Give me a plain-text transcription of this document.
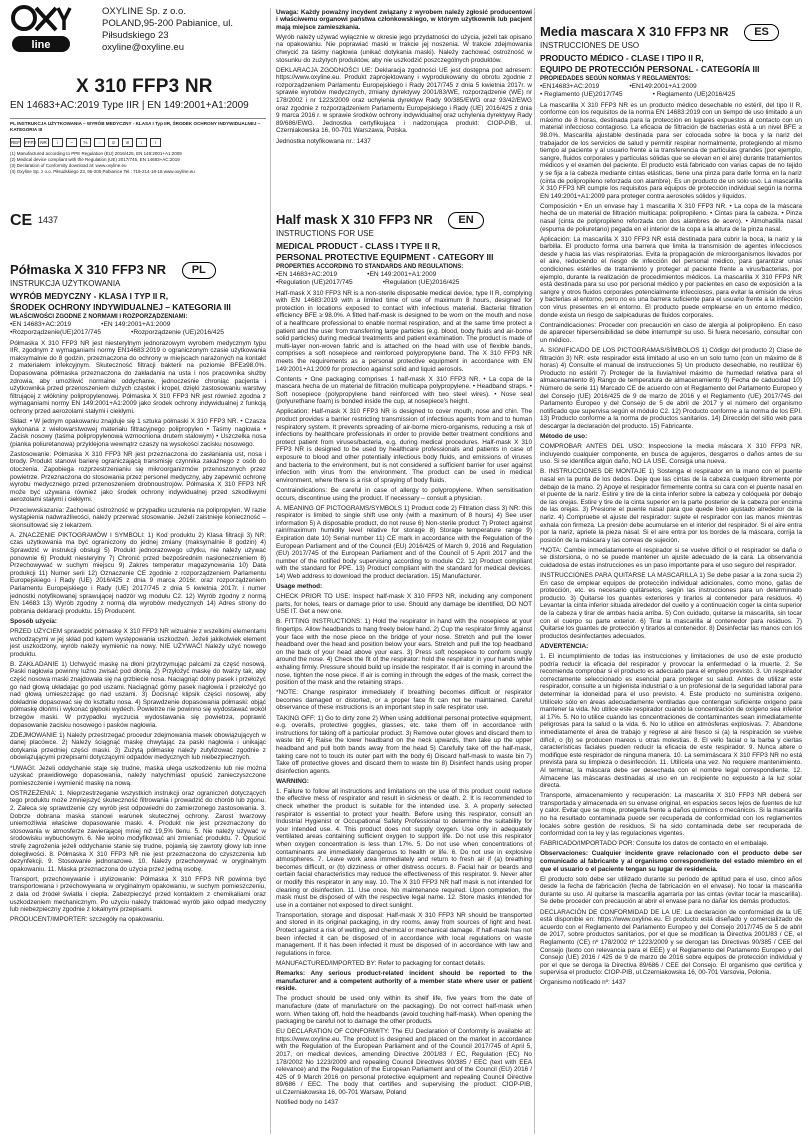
line
OXYLINE Sp. z o.o.
POLAND,95-200 Pabianice, ul. Piłsudskiego 23
oxyline@oxyline.eu
X 310 FFP3 NR
EN 14683+AC:2019 Type IIR | EN 149:2001+A1:2009
PL INSTRUKCJA UŻYTKOWANIA – WYRÓB MEDYCZNY - KLASA I Typ IIR, ŚRODEK OCHRONY INDYWIDUALNEJ – KATEGORIA III
REF FFP3 NR	i	~	%	◌	⊙	⊘	↕	!
(1) Manufactured according to PPE Regulation (EU) 2016/425, EN 149:2001+A1:2009
(2) Medical device compliant with the Regulation (UE) 2017/745, EN 14683+AC:2019
(3) Declaration of Conformity download at: www.oxyline.eu
(4) Oxyline Sp. z o.o. Piłsudskiego 23, 95-200 Pabianice Tel.: 719-214-18-18 www.oxyline.eu
CE 1437
Półmaska X 310 FFP3 NR PL
INSTRUKCJA UŻYTKOWANIA
WYRÓB MEDYCZNY - KLASA I TYP II R,
ŚRODEK OCHRONY INDYWIDUALNEJ – KATEGORIA III
WŁAŚCIWOŚCI ZGODNE Z NORMAMI I ROZPORZĄDZENIAMI:
•EN 14683+AC:2019	•EN 149:2001+A1:2009
•Rozporządzenie(UE)2017/745	•Rozporządzenie (UE)2016/425

Półmaska X 310 FFP3 NR jest niesterylnym jednorazowym wyrobem medycznym typu IIR, zgodnym z wymaganiami normy EN14683:2019 o ograniczonym czasie użytkowania maksymalnie do 8 godzin, przeznaczona do ochrony w miejscach narażonych na kontakt z materiałem infekcyjnym. Skuteczność filtracji bakterii na poziomie BFE≥98.0%. Dopasowana półmaska przeznaczona do zakładania na usta i nos pracownika służby zdrowia, aby umożliwić normalne oddychanie, jednocześnie chroniąc pacjenta i użytkownika przed przenoszeniem dużych cząstek i kropel, dzięki zastosowaniu warstwy filtrującej z włókniny polipropylenowej. Półmaska X 310 FFP3 NR jest również zgodna z wymaganiami normy EN 149:2001+A1:2009 jako środek ochrony indywidualnej z funkcją ochrony przed aerozolami stałymi i ciekłymi.

Skład: • W jednym opakowaniu znajduje się 1 sztuka półmaski X 310 FFP3 NR. • Czasza wykonana z wielowarstwowej materiału filtracyjnego polipropylen • Taśmy nagłowia • Zacisk nosowy (taśma polipropylenowa wzmocniona drutem stalowym) • Uszczelka nosa (pianka poliuretanowa) przyklejona wewnątrz czaszy na wysokości zacisku nosowego.

Zastosowanie: Półmaska X 310 FFP3 NR jest przeznaczona do zasłaniania ust, nosa i brody. Produkt stanowi barierę ograniczającą transmisję czynnika zakaźnego z osób do otoczenia. Zapobiega rozprzestrzenianiu się mikroorganizmów przenoszonych przez powietrze. Przeznaczona do stosowania przez personel medyczny, aby zapewnić ochronę wyrobu medycznego przed przenoszeniem drobnoustrojów. Półmaska X 310 FFP3 NR może być używana również jako środek ochrony indywidualnej przed szkodliwymi aerozolami stałymi i ciekłymi.

Przeciwwskazania: Zachować ostrożność w przypadku uczulenia na polipropylen. W razie wystąpienia nadwrażliwości, należy przerwać stosowanie. Jeżeli zaistnieje konieczność – skonsultować się z lekarzem.

A. ZNACZENIE PIKTOGRAMÓW I SYMBOLI: 1) Kod produktu 2) Klasa filtracji 3) NR: czas użytkowania ma być ograniczony do jednej zmiany (maksymalnie 8 godzin) 4) Sprawdzić w instrukcji obsługi 5) Produkt jednorazowego użytku, nie należy używać ponownie 6) Produkt niesterylny 7) Chronić przed bezpośrednim nasłonecznieniem 8) Przechowywać w suchym miejscu 9) Zakres temperatur magazynowania 10) Data produkcji 11) Numer serii 12) Oznaczenie CE zgodnie z rozporządzeniem Parlamentu Europejskiego i Rady (UE) 2016/425 z dnia 9 marca 2016r. oraz rozporządzeniem Parlamentu Europejskiego i Rady (UE) 2017/745 z dnia 5 kwietnia 2017r. i numer jednostki notyfikowanej sprawującej nadzór wg modułu C2. 12) Wyrób zgodny z normą EN 14683 13) Wyrób zgodny z normą dla wyrobów medycznych 14) Adres strony do pobrania deklaracji produktu. 15) Producent.

Sposób użycia:

PRZED UŻYCIEM sprawdzić półmaskę X 310 FFP3 NR wizualnie z wszelkimi elementami wchodzącymi w jej skład pod kątem występowania uszkodzeń. Jeżeli jakikolwiek element jest uszkodzony, wyrób należy wymienić na nowy. NIE UŻYWAĆ! Należy użyć nowego produktu.

B. ZAKŁADANIE 1) Uchwycić maskę na dłoni przytrzymując palcami za część nosową. Paski nagłowia powinny luźno zwisać pod dłonią. 2) Przyłożyć maskę do twarzy tak, aby część nosowa maski znajdowała się na grzbiecie nosa. Naciągnąć dolny pasek i przełożyć go nad głową układając go pod uszami. Naciągnąć górny pasek nagłowia i przełożyć go nad głową umieszczając go nad uszami. 3) Docisnąć klipsik części nosowej, aby dokładnie dopasować się do kształtu nosa. 4) Sprawdzenie dopasowania półmaski: objąć półmaskę dłońmi i wykonać głęboki wydech. Powietrze nie powinno się wydostawać wokół brzegów maski. W przypadku wyczucia wydostawania się powietrza, poprawić dopasowanie zacisku nosowego i pasków nagłowia.

ZDEJMOWANIE 1) Należy przestrzegać procedur zdejmowania masek obowiązujących w danej placówce. 2) Należy ściągnąć maskę chwytając za paski nagłowia i unikając dotykania przedniej części maski. 3) Zużytą półmaskę należy zutylizować zgodnie z obowiązującymi przepisami dotyczącymi odpadów medycznych lub niebezpiecznych.

*UWAGI: Jeżeli oddychanie staje się trudne, maska ulega uszkodzeniu lub nie można uzyskać prawidłowego dopasowania, należy natychmiast opuścić zanieczyszczone pomieszczenie i wymienić maskę na nową.

OSTRZEŻENIA: 1. Nieprzestrzeganie wszystkich instrukcji oraz ograniczeń dotyczących tego produktu może zmniejszyć skuteczność filtrowania i prowadzić do chorób lub zgonu. 2. Zaleca się sprawdzenie czy wyrób jest odpowiedni do zamierzonego zastosowania. 3. Dobrze dobrana maska stanowi warunek skutecznej ochrony. Zarost twarzowy uniemożliwia właściwe dopasowanie maski. 4. Produkt nie jest przeznaczony do stosowania w atmosferze zawierającej mniej niż 19,5% tlenu. 5. Nie należy używać w środowisku wybuchowym. 6. Nie wolno modyfikować ani zmieniać produktu. 7. Opuścić strefę zagrożenia jeżeli oddychanie stanie się trudne, pojawią się zawroty głowy lub inne dolegliwości. 8. Półmaska X 310 FFP3 NR nie jest przeznaczona do czyszczenia lub dezynfekcji. 9. Stosowanie jednorazowe. 10. Należy przechowywać w oryginalnym opakowaniu. 11. Maska przeznaczona do użycia przez jedną osobę.

Transport, przechowywanie i utylizowanie: Półmaska X 310 FFP3 NR powinna być transportowana i przechowywana w oryginalnym opakowaniu, w suchym pomieszczeniu, z dala od źródeł światła i ciepła. Zabezpieczyć przed kontaktem z chemikaliami oraz uszkodzeniem mechanicznym. Po użyciu należy traktować wyrób jako odpad medyczny lub niebezpieczny zgodnie z lokalnymi przepisami.

PRODUCENT/IMPORTER: szczegóły na opakowaniu.

Uwaga: Każdy poważny incydent związany z wyrobem należy zgłosić producentowi i właściwemu organowi państwa członkowskiego, w którym użytkownik lub pacjent mają miejsce zamieszkania.

Wyrób należy używać wyłącznie w okresie jego przydatności do użycia, jeżeli tak opisano na opakowaniu. Nie poprawiać maski w trakcie jej noszenia. W trakcie zdejmowania chwycić za taśmy nagłowia (unikać dotykania maski). Należy zachować ostrożność w stosunku do zużytych produktów, aby nie uszkodzić poszczególnych produktów.

DEKLARACJA ZGODNOŚCI UE: Deklaracja zgodności UE jest dostępna pod adresem: https://www.oxyline.eu. Produkt zaprojektowany i wyprodukowany do obrotu zgodnie z rozporządzeniem Parlamentu Europejskiego i Rady 2017/745 z dnia 5 kwietnia 2017r. w sprawie wyrobów medycznych, zmiany dyrektywy 2001/83/WE, rozporządzenie (WE) nr 178/2002 i nr 1223/2009 oraz uchylenia dyrektyw Rady 90/385/EWG oraz 93/42/EWG oraz zgodnie z rozporządzeniem Parlamentu Europejskiego i Rady (UE) 2016/425 z dnia 9 marca 2016 r. w sprawie środków ochrony indywidualnej oraz uchylenia dyrektywy Rady 89/686/EWG. Jednostka certyfikująca i nadzorująca produkt: CIOP-PIB, ul. Czerniakowska 16, 00-701 Warszawa, Polska.

Jednostka notyfikowana nr.: 1437

Half mask X 310 FFP3 NR EN
INSTRUCTIONS FOR USE
MEDICAL PRODUCT - CLASS I TYPE II R,
PERSONAL PROTECTIVE EQUIPMENT - CATEGORY III
PROPERTIES ACCORDING TO STANDARDS AND REGULATIONS:
•EN 14683+AC:2019	•EN 149:2001+A1:2009
•Regulation (UE)2017/745	•Regulation (UE)2016/425

Half-mask X 310 FFP3 NR is a non-sterile disposable medical device, type II R, complying with EN 14683:2019 with a limited time of use of maximum 8 hours, designed for protection in locations exposed to contact with infectious material. Bacterial filtration efficiency BFE ≥ 98.0%. A fitted half-mask is designed to be worn on the mouth and nose of a healthcare professional to enable normal respiration, and at the same time protect a patient and the user from transferring large particles (e.g. blood, body fluids and air-borne solid particles) during medical treatments and patient examination. The product is made of multi-layer non-woven fabric and is attached on the head with use of flexible bands, comprises a soft nosepiece and reinforced polypropylene band. The X 310 FFP3 NR meets the requirements as a personal protective equipment in accordance with EN 149:2001+A1:2009 for protection against solid and liquid aerosols.

Contents • One packaging comprises 1 half-mask X 310 FFP3 NR. • La copa de la mascara hecha de un material de filtración multicapa polypropylene. • Headband straps. • Soft nosepiece (polypropylene band reinforced with two steel wires). • Nose seal (polyurethane foam) is bonded inside the cup, at nosepiece's height.

Application: Half-mask X 310 FFP3 NR is designed to cover mouth, nose and chin. The product provides a barrier restricting transmission of infectious agents from and to human respiratory system. It prevents spreading of air-borne micro-organisms, reducing a risk of infections by healthcare professionals in order to provide better treatment conditions and protect patient from viruses/bacteria, e.g. during medical procedures. Half-mask X 310 FFP3 NR is designed to be used by healthcare professionals and patients in case of exposure to blood and other potentially infectious body fluids, and emissions of viruses and bacteria to the environment, but is not considered a sufficient barrier for user against infection with virus from the environment. The product can be used in medical environment, where there is a risk of spraying of body fluids.

Contraindications: Be careful in case of allergy to polypropylene. When sensitisation occurs, discontinue using the product. If necessary – consult a physician.

A. MEANING OF PICTOGRAMS/SYMBOLS 1) Product code 2) Filtration class 3) NR: this respirator is limited to single shift use only (with a maximum of 8 hours) 4) See user information 5) A disposable product, do not reuse 6) Non-sterile product 7) Protect against rain/maximum humidity level relative for storage 8) Storage temperature range 9) Expiration date 10) Serial number 11) CE mark in accordance with the Regulation of the European Parliament and of the Council (EU) 2016/425 of March 9, 2016 and Regulation (EU) 2017/745 of the European Parliament and of the Council of 5 April 2017 and the number of the notified body supervising according to module C2. 12) Product compliant with the standard for PPE. 13) Product compliant with the standard for medical devices. 14) Web address to download the product declaration. 15) Manufacturer.

Usage method:

CHECK PRIOR TO USE: Inspect half-mask X 310 FFP3 NR, including any component parts, for holes, tears or damage prior to use. Should any damage be identified, DO NOT USE IT. Get a new one.

B. FITTING INSTRUCTIONS: 1) Hold the respirator in hand with the nosepiece at your fingertips. Allow headbands to hang freely below hand. 2) Cup the respirator firmly against your face with the nose piece on the bridge of your nose. Stretch and pull the lower headband over the head and position below your ears. Stretch and pull the top headband on the back of your head above your ears. 3) Press soft nosepiece to conform snugly around the nose. 4) Check the fit of the respirator: hold the respirator in your hands while exhaling firmly. Pressure should build up inside the respirator. If air is coming in around the nose, tighten the nose piece. If air is coming in through the edges of the mask, correct the position of the mask and the retaining straps.

*NOTE: Change respirator immediately if breathing becomes difficult or respirator becomes damaged or distorted, or a proper face fit can not be maintained. Careful observance of these instructions is an important step in safe respirator use.

TAKING OFF: 1) Go to dirty zone 2) When using additional personal protective equipment, e.g. overalls, protective goggles, glasses, etc. take them off in accordance with instructions for taking off a particular product. 3) Remove outer gloves and discard them to waste bin 4) Raise the lower headband on the neck upwards, then take up the upper headband and pull both bands away from the head 5) Carefully take off the half-mask, taking care not to touch its outer part with the body 6) Discard half-mask to waste bin 7) Take off protective gloves and discard them to waste bin 8) Disinfect hands using proper disinfection agents.

WARNING:

1. Failure to follow all instructions and limitations on the use of this product could reduce the effective mess of respirator and result in sickness or death. 2. It is recommended to check whether the product is suitable for the intended use. 3. A properly selected respirator is essential to protect your health. Before using this respirator, consult an Industrial Hygienist or Occupational Safety Professional to determine the suitability for your intended use. 4. This product does not supply oxygen. Use only in adequately ventilated areas containing sufficient oxygen to support life. Do not use this respirator when oxygen concentration is less than 17%. 5. Do not use when concentrations of contaminants are immediately dangerous to health or life. 6. Do not use in explosive atmospheres. 7. Leave work area immediately and return to fresh air if (a) breathing becomes difficult, or (b) dizziness or other distress occurs. 8. Facial hair or beards and certain facial characteristics may reduce the effectiveness of this respirator. 9. Never alter or modify this respirator in any way. 10. The X 310 FFP3 NR half mask is not intended for cleaning or disinfection. 11. Use once. No maintenance required. Upon completion, the mask must be disposed of with the respective legal name. 12. Store masks intended for use in a container not exposed to direct sunlight.

Transportation, storage and disposal: Half-mask X 310 FFP3 NR should be transported and stored in its original packaging, in dry rooms, away from sources of light and heat. Protect against a risk of wetting, and chemical or mechanical damage. If half-mask has not been infected it can be disposed of in accordance with local regulations on waste management. If it has been infected it must be disposed of in accordance with law and regulations in force.

MANUFACTURED/IMPORTED BY: Refer to packaging for contact details.

Remarks: Any serious product-related incident should be reported to the manufacturer and a competent authority of a member state where user or patient reside.

The product should be used only within its shelf life, five years from the date of manufacture (date of manufacture on the packaging). Do not correct half-mask when worn. When taking off, hold the headbands (avoid touching half-mask). When opening the packaging be careful not to damage the other products.

EU DECLARATION OF CONFORMITY: The EU Declaration of Conformity is available at: https://www.oxyline.eu. The product is designed and placed on the market in accordance with the Regulation of the European Parliament and of the Council 2017/745 of April 5, 2017, on medical devices, amending Directive 2001/83 / EC, Regulation (EC) No 178/2002 No 1223/2009 and repealing Council Directives 90/385 / EEC (text with EEA relevance) and the Regulation of the European Parliament and of the Council (EU) 2016 / 425 of 9 March 2016 on personal protective equipment and repealing Council Directive 89/686 / EEC. The body that certifies and supervising the product: CIOP-PIB, ul.Czerniakowska 16, 00-701 Warsaw, Poland

Notified body no 1437

Media mascara X 310 FFP3 NR ES
INSTRUCCIONES DE USO
PRODUCTO MÉDICO - CLASE I TIPO II R,
EQUIPO DE PROTECCIÓN PERSONAL - CATEGORÍA III
PROPIEDADES SEGÚN NORMAS Y REGLAMENTOS:
•EN14683+AC:2019	•EN149:2001+A1:2009
• Reglamento (UE)2017/745	• Reglamento (UE)2016/425

La mascarilla X 310 FFP3 NR es un producto médico desechable no estéril, del tipo II R, conforme con los requisitos de la norma EN 14683:2019 con un tiempo de uso limitado a un máximo de 8 horas, destinada para la protección en lugares expuestos al contacto con un material infeccioso contagioso. La eficacia de filtración de bacterias está a un nivel BFE ≥ 98.0%. Mascarilla ajustable destinada para ser colocada sobre la boca y la nariz del trabajador de los servicios de salud y permitir respirar normalmente, protegiendo al mismo tiempo al paciente y al usuario frente a la transferencia de partículas grandes (por ejemplo, sangre, fluidos corporales y partículas sólidas que se elevan en el aire) durante tratamientos médicos y el examen del paciente. El producto está fabricado con varias capas de no tejido y se fija a la cabeza mediante cintas elásticas, tiene una pinza para darle forma en la nariz (cinta de polipropileno reforzada con alambre). Es un producto de un solo uso. La mascarilla X 310 FFP3 NR cumple los requisitos para equipos de protección individual según la norma EN 149:2001+A1:2009 para proteger contra aerosoles sólidos y líquidos.

Composición • En un envase hay 1 mascarilla X 310 FFP3 NR. • La copa de la máscara hecha de un material de filtración multicapa: polipropileno. • Cintas para la cabeza. • Pinza nasal (cinta de polipropileno reforzada con dos alambres de acero). • Almohadilla nasal (espuma de poliuretano) pegada en el interior de la copa a la altura de la pinza nasal.

Aplicación: La mascarilla X 310 FFP3 NR está destinada para cubrir la boca, la nariz y la barbilla. El producto forma una barrera que limita la transmisión de agentes infecciosos desde y hacia las vías respiratorias. Evita la propagación de microorganismos llevados por el aire, reduciendo el riesgo de infección del personal médico, para garantizar unas condiciones estériles de tratamiento y proteger al paciente frente a virus/bacterias, por ejemplo, durante la realización de procedimientos médicos. La mascarilla X 310 FFP3 NR está destinada para su uso por personal médico y por pacientes en caso de exposición a la sangre y otros fluidos corporales potencialmente infecciosos, para evitar la emisión de virus y bacterias al entorno, pero no es una barrera suficiente para el usuario frente a la infección con virus presentes en el entorno. El producto puede emplearse en un entorno médico, donde exista un riesgo de salpicaduras de fluidos corporales.

Contraindicaciones: Proceder con precaución en caso de alergia al polipropileno. En caso de aparecer hipersensibilidad se debe interrumpir su uso. Si fuera necesario, consultar con un médico.

A. SIGNIFICADO DE LOS PICTOGRAMAS/SÍMBOLOS 1) Código del producto 2) Clase de filtración 3) NR: este respirador está limitado al uso en un solo turno (con un máximo de 8 horas) 4) Consulte el manual de instrucciones 5) Un producto desechable, no reutilizar 6) Producto no estéril 7) Proteger de la lluvia/nivel máximo de humedad relativa para el almacenamiento 8) Rango de temperatura de almacenamiento 9) Fecha de caducidad 10) Número de serie 11) Marcado CE de acuerdo con el Reglamento del Parlamento Europeo y del Consejo (UE) 2016/425 de 9 de marzo de 2016 y el Reglamento (UE) 2017/745 del Parlamento Europeo y del Consejo de 5 de abril de 2017 y el número del organismo notificado que supervisa según el módulo C2. 12) Producto conforme a la norma de los EPI. 13) Producto conforme a la norma de productos sanitarios. 14) Dirección del sitio web para descargar la declaración del producto. 15) Fabricante.

Método de uso:

COMPROBAR ANTES DEL USO: Inspeccione la media máscara X 310 FFP3 NR, incluyendo cualquier componente, en busca de agujeros, desgarros o daños antes de su uso. Si se identifica algún daño, NO LA USE. Consiga una nueva.

B. INSTRUCCIONES DE MONTAJE 1) Sostenga el respirador en la mano con el puente nasal en la punta de los dedos. Deje que las cintas de la cabeza cuelguen libremente por debajo de la mano. 2) Apoye el respirador firmemente contra su cara con el puente nasal en el puente de la nariz. Estire y tire de la cinta inferior sobre la cabeza y colóquela por debajo de las orejas. Estire y tire de la cinta superior en la parte posterior de la cabeza por encima de las orejas. 3) Presione el puente nasal para que quede bien ajustado alrededor de la nariz. 4) Compruebe el ajuste del respirador: sujete el respirador con las manos mientras exhala con firmeza. La presión debe acumularse en el interior del respirador. Si el aire entra por la nariz, apriete la pieza nasal. Si el aire entra por los bordes de la máscara, corrija la posición de la máscara y las correas de sujeción.

*NOTA: Cambie inmediatamente el respirador si se vuelve difícil o el respirador se daña o se distorsiona, o no se puede mantener un ajuste adecuado de la cara. La observancia cuidadosa de estas instrucciones es un paso importante para el uso seguro del respirador.

INSTRUCCIONES PARA QUITARSE LA MASCARILLA 1) Se debe pasar a la zona sucia 2) En caso de emplear equipos de protección individual adicionales, como mono, gafas de protección, etc. es necesario quitárselos, según las instrucciones para un determinado producto. 3) Quitarse los guantes exteriores y tirarlos al contenedor para residuos. 4) Levantar la cinta inferior situada alrededor del cuello y a continuación coger la cinta superior de la cabeza y tirar de ambas hacia arriba. 5) Con cuidado, quitarse la mascarilla, sin tocar con el cuerpo su parte exterior. 6) Tirar la mascarilla al contenedor para residuos. 7) Quitarse los guantes de protección y tirarlos al contenedor. 8) Desinfectar las manos con los productos desinfectantes adecuados.

ADVERTENCIA:

1. El incumplimiento de todas las instrucciones y limitaciones de uso de este producto podría reducir la eficacia del respirador y provocar la enfermedad o la muerte. 2. Se recomienda comprobar si el producto es adecuado para el empleo previsto. 3. Un respirador correctamente seleccionado es esencial para proteger su salud. Antes de utilizar este respirador, consulte a un higienista industrial o a un profesional de la seguridad laboral para determinar la idoneidad para el uso previsto. 4. Este producto no suministra oxígeno. Utilícelo sólo en áreas adecuadamente ventiladas que contengan suficiente oxígeno para mantener la vida. No utilice este respirador cuando la concentración de oxígeno sea inferior al 17%. 5. No lo utilice cuando las concentraciones de contaminantes sean inmediatamente peligrosas para la salud o la vida. 6. No lo utilice en atmósferas explosivas. 7. Abandone inmediatamente el área de trabajo y regrese al aire fresco si (a) la respiración se vuelve difícil, o (b) se producen mareos u otras molestias. 8. El vello facial o la barba y ciertas características faciales pueden reducir la eficacia de este respirador. 9. Nunca altere o modifique este respirador de ninguna manera. 10. La semimáscara X 310 FFP3 NR no está prevista para su limpieza o desinfección. 11. Utilícela una vez. No requiere mantenimiento. Al terminar, la máscara debe ser desechada con el nombre legal correspondiente. 12. Almacene las máscaras destinadas al uso en un recipiente no expuesto a la luz solar directa.

Transporte, almacenamiento y recuperación: La mascarilla X 310 FFP3 NR deberá ser transportada y almacenada en su envase original, en espacios secos lejos de fuentes de luz y calor. Evitar que se moje, protegerla frente a daños químicos o mecánicos. Si la mascarilla no ha resultado contaminada puede ser recuperada de conformidad con los reglamentos locales sobre gestión de residuos. Si ha sido contaminada debe ser recuperada de conformidad con la ley y las regulaciones vigentes.

FABRICADO/IMPORTADO POR: Consulte los datos de contacto en el embalaje.

Observaciones: Cualquier incidente grave relacionado con el producto debe ser comunicado al fabricante y al organismo correspondiente del estado miembro en el que el usuario o el paciente tengan su lugar de residencia.

El producto solo debe ser utilizado durante su período de aptitud para el uso, cinco años desde la fecha de fabricación (fecha de fabricación en el envase). No tocar la mascarilla durante su uso. Al quitarse la mascarilla agarrarla por las cintas (evitar tocar la mascarilla). Se debe proceder con precaución al abrir el envase para no dañar los demás productos.

DECLARACIÓN DE CONFORMIDAD DE LA UE: La declaración de conformidad de la UE está disponible en: https://www.oxyline.eu. El producto está diseñado y comercializado de acuerdo con el Reglamento del Parlamento Europeo y del Consejo 2017/745 de 5 de abril de 2017, sobre productos sanitarios, por el que se modifican la Directiva 2001/83 / CE, el Reglamento (CE) nº 178/2002 nº 1223/2009 y se derogan las Directivas 90/385 / CEE del Consejo (texto con relevancia para el EEE) y el Reglamento del Parlamento Europeo y del Consejo (UE) 2016 / 425 de 9 de marzo de 2016 sobre equipos de protección individual y por el que se deroga la Directiva 89/686 / CEE del Consejo. El organismo que certifica y supervisa el producto: CIOP-PIB, ul.Czerniakowska 16, 00-701 Varsovia, Polonia.

Organismo notificado nº: 1437
